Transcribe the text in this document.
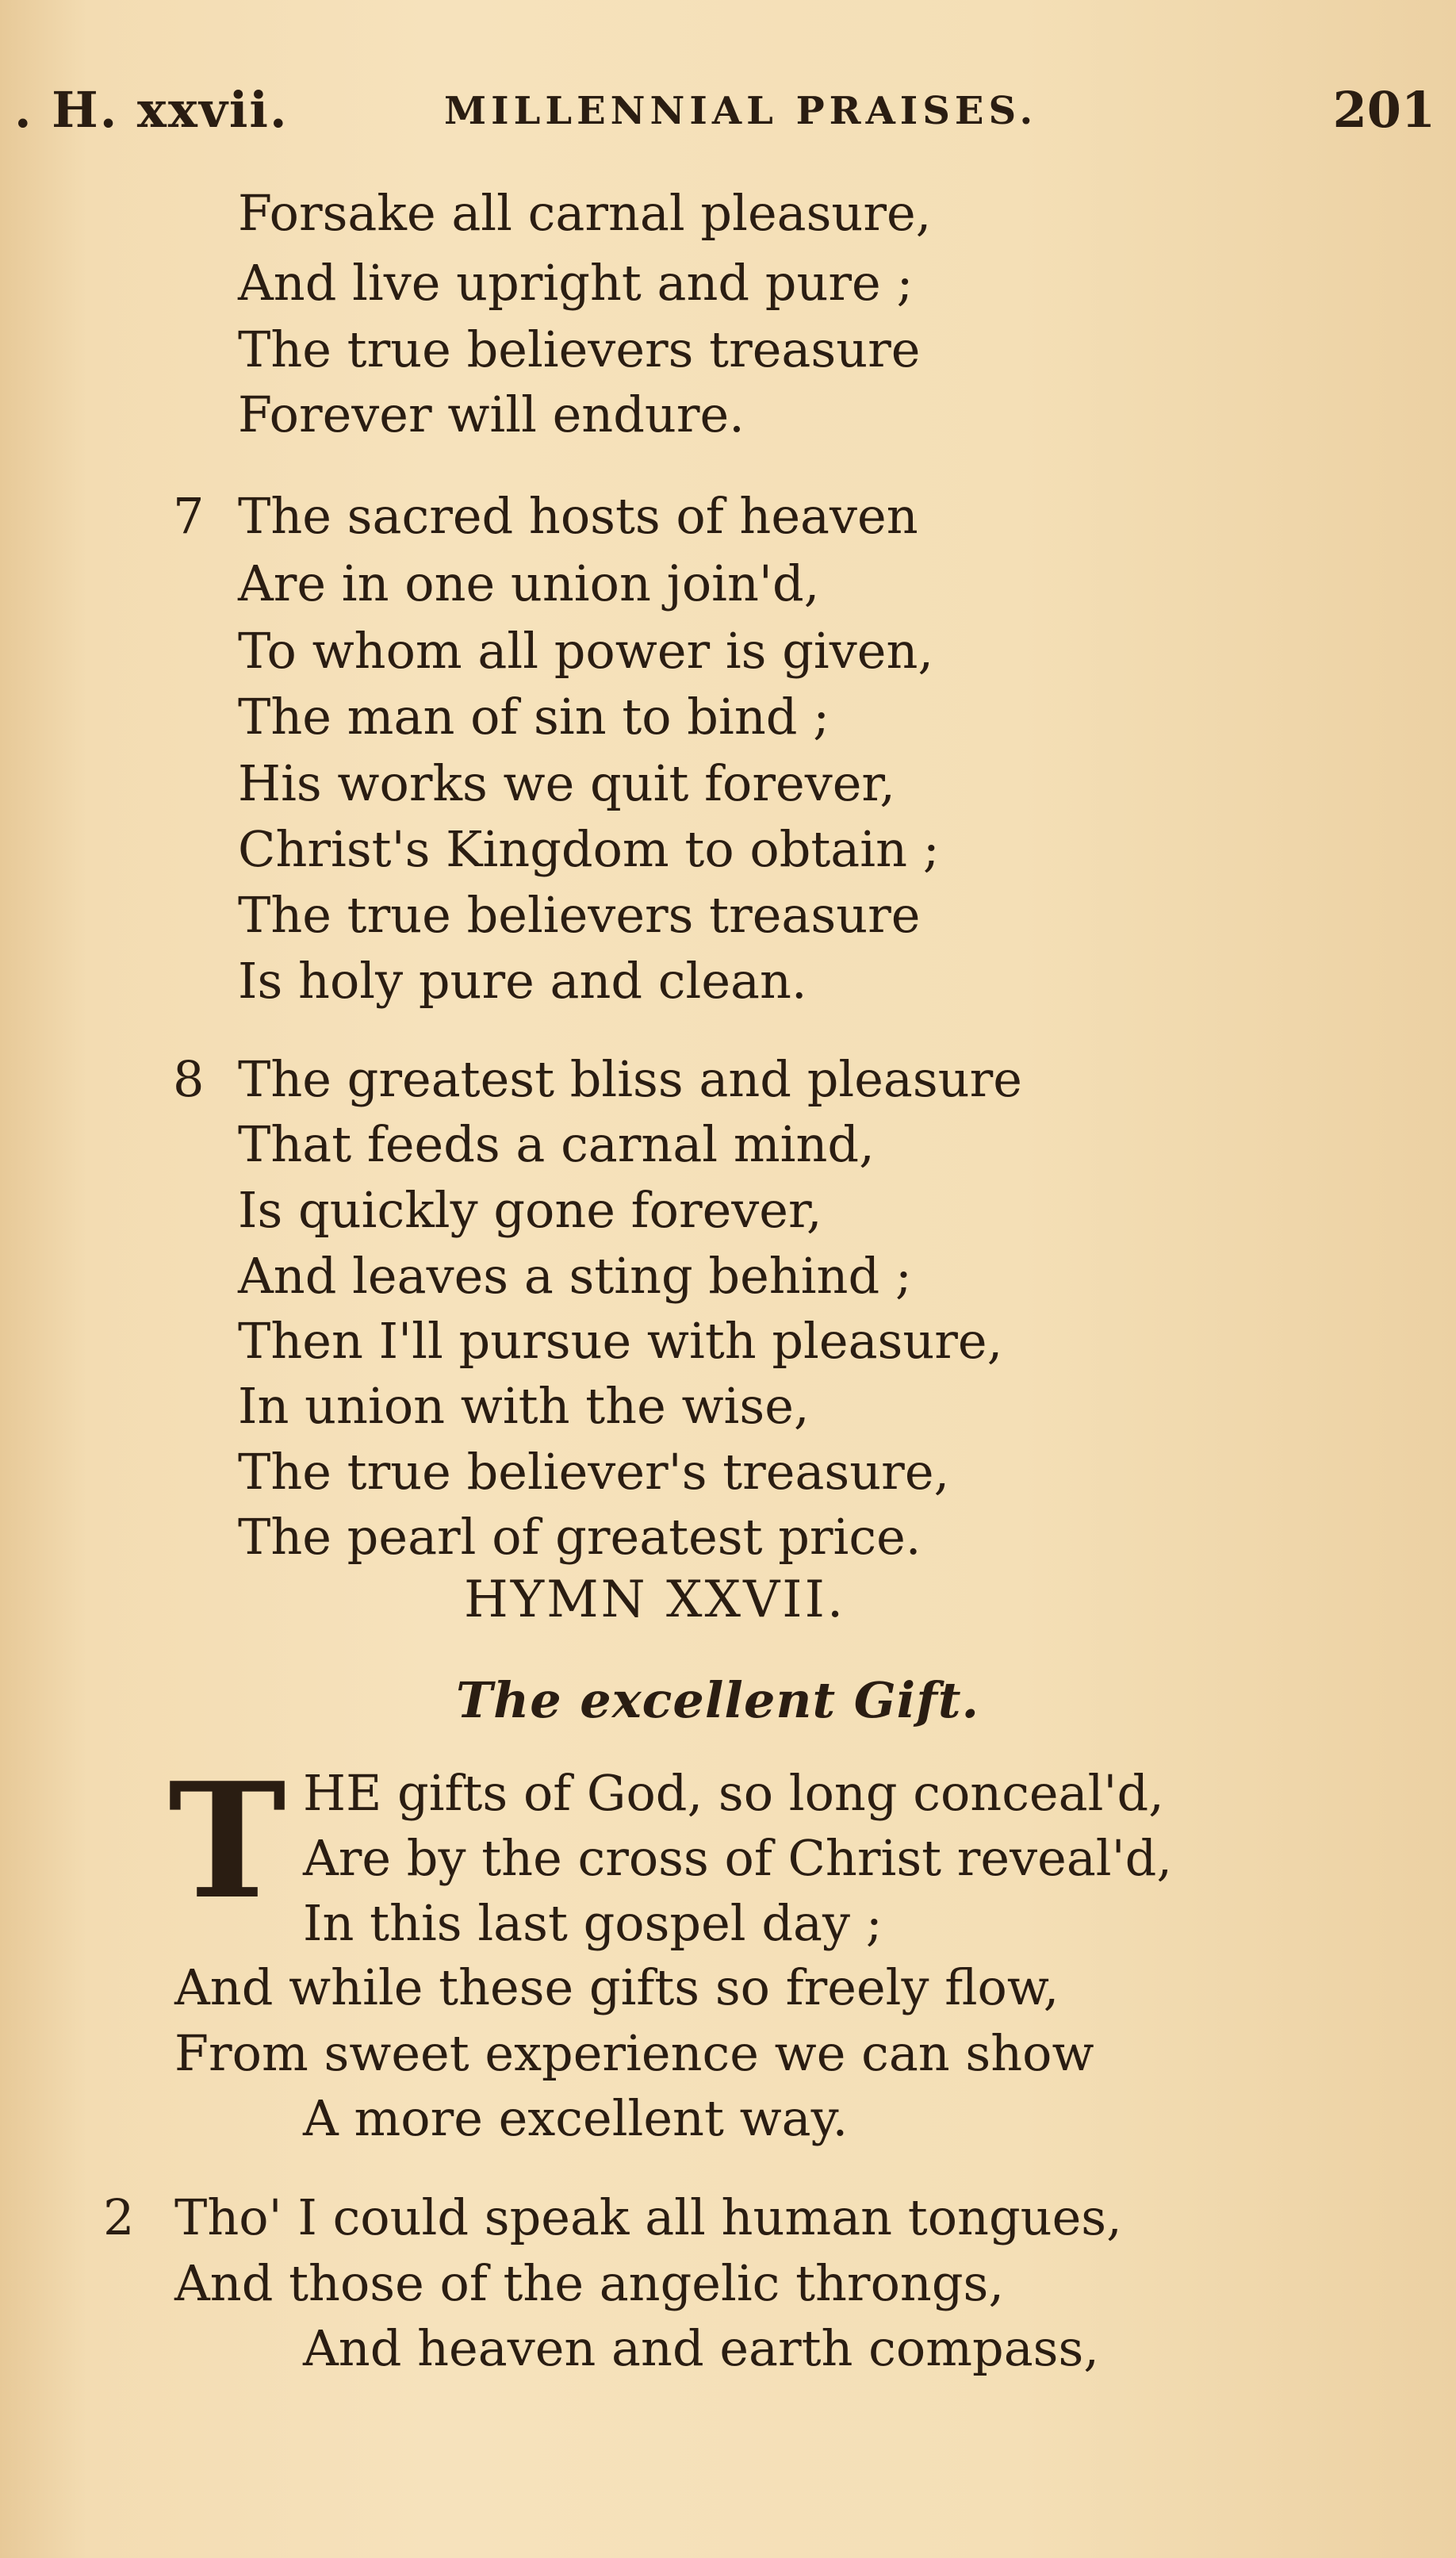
. H. xxvii.	MILLENNIAL PRAISES.	201
Forsake all carnal pleasure,
And live upright and pure ;
The true believers treasure
Forever will endure.
7 The sacred hosts of heaven
Are in one union join'd,
To whom all power is given,
The man of sin to bind ;
His works we quit forever,
Christ's Kingdom to obtain ;
The true believers treasure
Is holy pure and clean.
8 The greatest bliss and pleasure
That feeds a carnal mind,
Is quickly gone forever,
And leaves a sting behind ;
Then I'll pursue with pleasure,
In union with the wise,
The true believer's treasure,
The pearl of greatest price.
HYMN XXVII.
The excellent Gift.
T HE gifts of God, so long conceal'd,
Are by the cross of Christ reveal'd,
In this last gospel day ;
And while these gifts so freely flow,
From sweet experience we can show
A more excellent way.
2 Tho' I could speak all human tongues,
And those of the angelic throngs,
And heaven and earth compass,
